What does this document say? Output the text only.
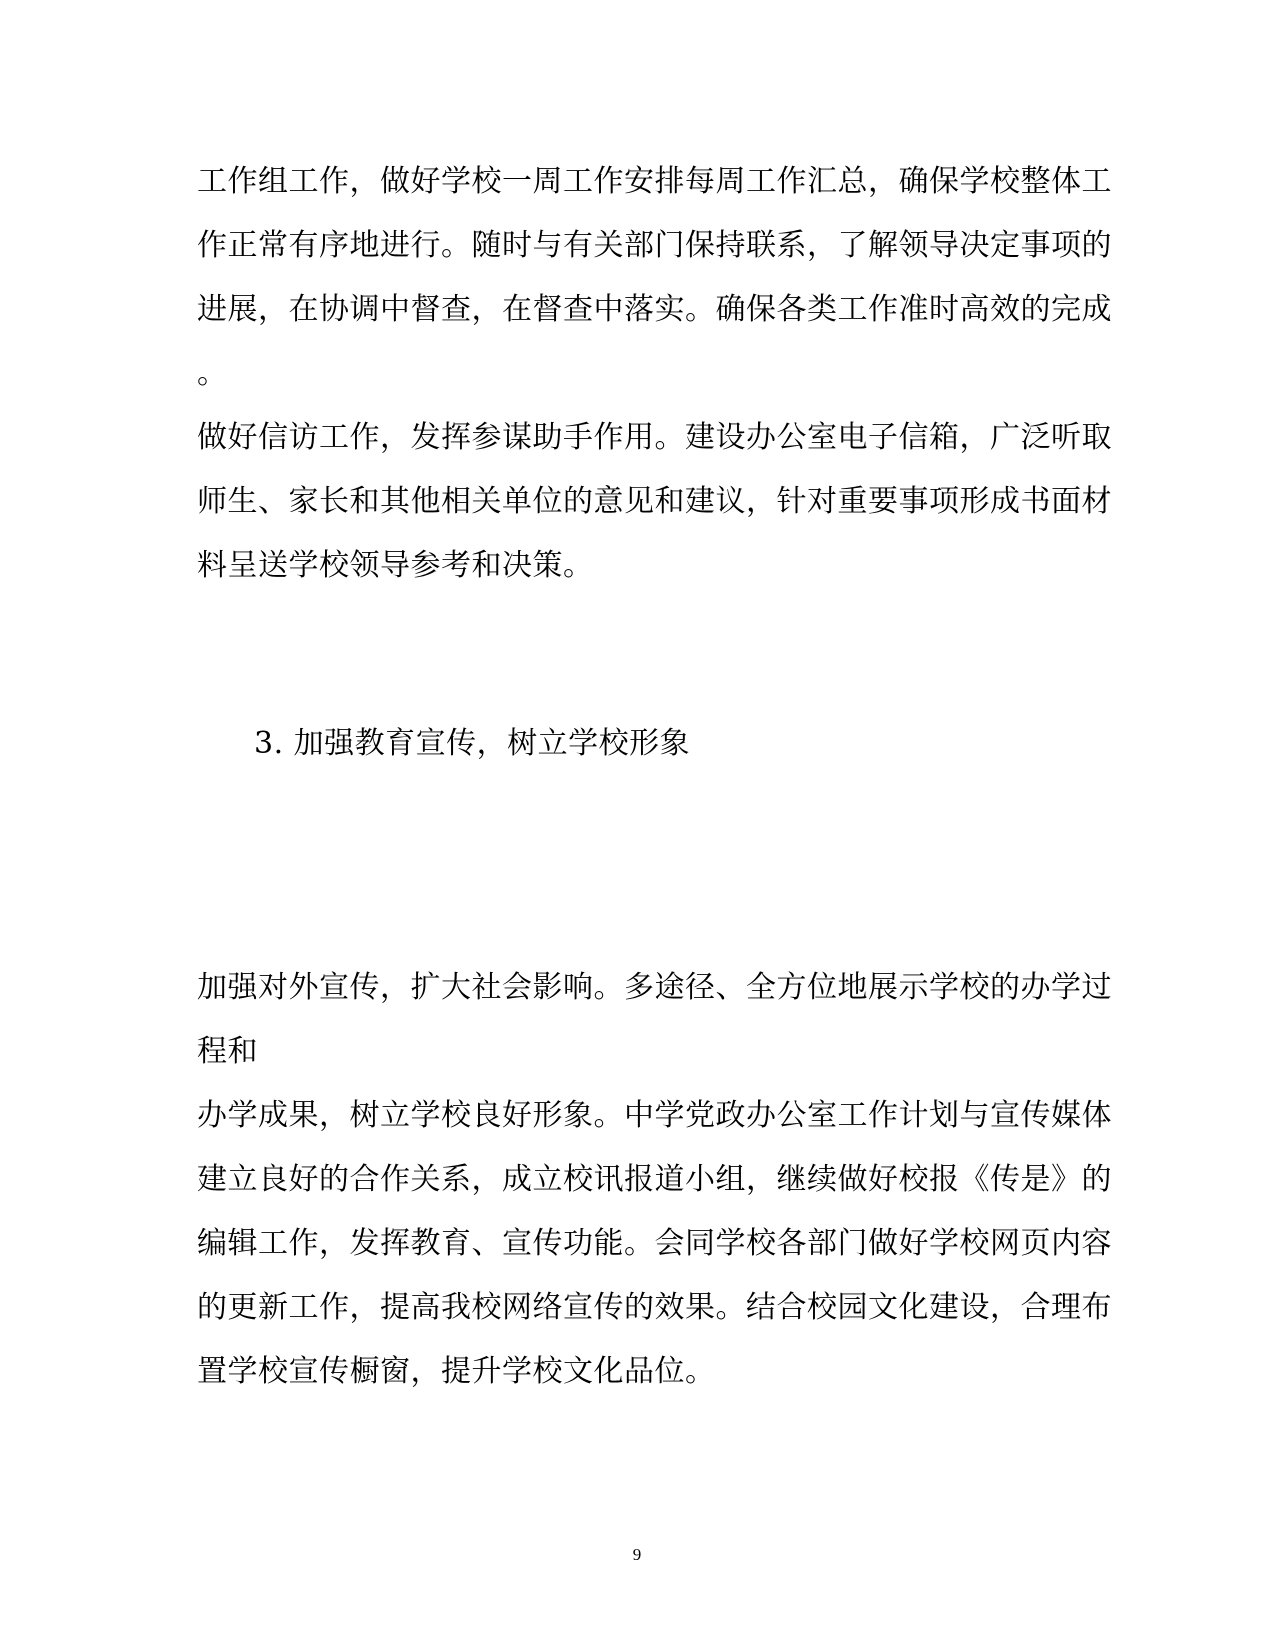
工作组工作，做好学校一周工作安排每周工作汇总，确保学校整体工
作正常有序地进行。随时与有关部门保持联系，了解领导决定事项的
进展，在协调中督查，在督查中落实。确保各类工作准时高效的完成
。
做好信访工作，发挥参谋助手作用。建设办公室电子信箱，广泛听取
师生、家长和其他相关单位的意见和建议，针对重要事项形成书面材
料呈送学校领导参考和决策。
3. 加强教育宣传，树立学校形象
加强对外宣传，扩大社会影响。多途径、全方位地展示学校的办学过
程和
办学成果，树立学校良好形象。中学党政办公室工作计划与宣传媒体
建立良好的合作关系，成立校讯报道小组，继续做好校报《传是》的
编辑工作，发挥教育、宣传功能。会同学校各部门做好学校网页内容
的更新工作，提高我校网络宣传的效果。结合校园文化建设，合理布
置学校宣传橱窗，提升学校文化品位。
9
